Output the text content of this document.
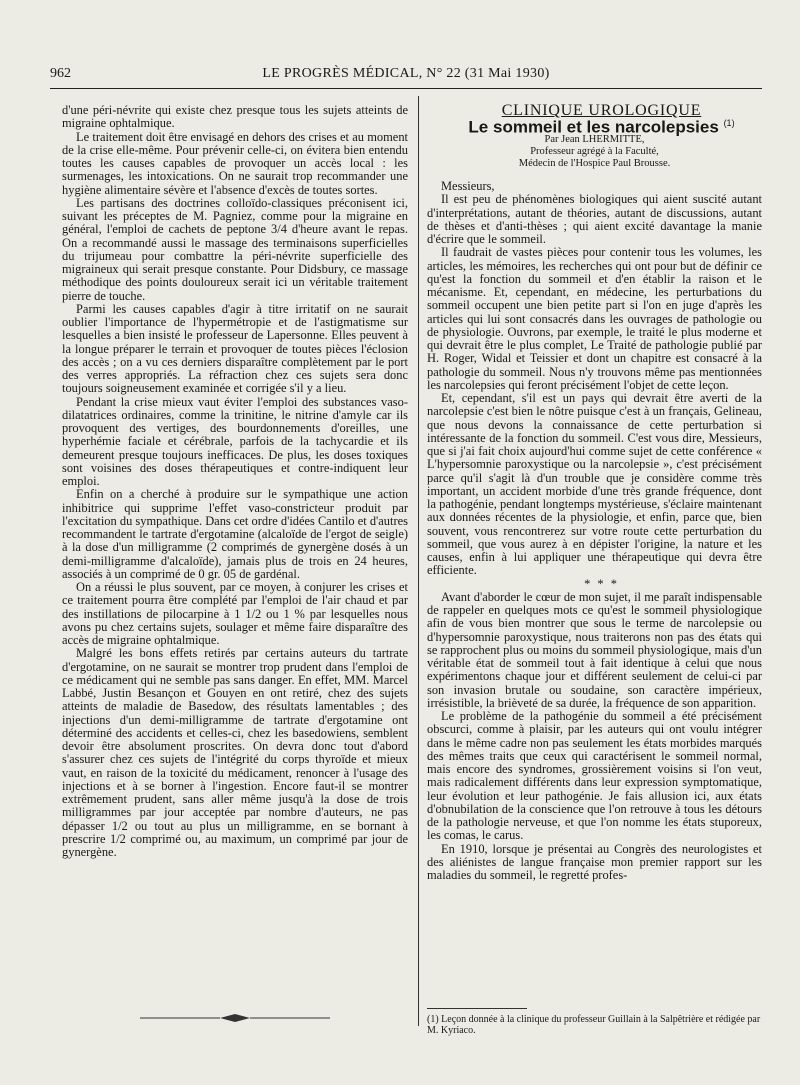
962	LE PROGRÈS MÉDICAL, N° 22 (31 Mai 1930)

d'une péri-névrite qui existe chez presque tous les sujets atteints de migraine ophtalmique.

Le traitement doit être envisagé en dehors des crises et au moment de la crise elle-même. Pour prévenir celle-ci, on évitera bien entendu toutes les causes capables de provoquer un accès local : les surmenages, les intoxications. On ne saurait trop recommander une hygiène alimentaire sévère et l'absence d'excès de toutes sortes.

Les partisans des doctrines colloïdo-classiques préconisent ici, suivant les préceptes de M. Pagniez, comme pour la migraine en général, l'emploi de cachets de peptone 3/4 d'heure avant le repas. On a recommandé aussi le massage des terminaisons superficielles du trijumeau pour combattre la péri-névrite superficielle des migraineux qui serait presque constante. Pour Didsbury, ce massage méthodique des points douloureux serait ici un véritable traitement pierre de touche.

Parmi les causes capables d'agir à titre irritatif on ne saurait oublier l'importance de l'hypermétropie et de l'astigmatisme sur lesquelles a bien insisté le professeur de Lapersonne. Elles peuvent à la longue préparer le terrain et provoquer de toutes pièces l'éclosion des accès ; on a vu ces derniers disparaître complètement par le port des verres appropriés. La réfraction chez ces sujets sera donc toujours soigneusement examinée et corrigée s'il y a lieu.

Pendant la crise mieux vaut éviter l'emploi des substances vaso-dilatatrices ordinaires, comme la trinitine, le nitrine d'amyle car ils provoquent des vertiges, des bourdonnements d'oreilles, une hyperhémie faciale et cérébrale, parfois de la tachycardie et ils demeurent presque toujours inefficaces. De plus, les doses toxiques sont voisines des doses thérapeutiques et contre-indiquent leur emploi.

Enfin on a cherché à produire sur le sympathique une action inhibitrice qui supprime l'effet vaso-constricteur produit par l'excitation du sympathique. Dans cet ordre d'idées Cantilo et d'autres recommandent le tartrate d'ergotamine (alcaloïde de l'ergot de seigle) à la dose d'un milligramme (2 comprimés de gynergène dosés à un demi-milligramme d'alcaloïde), jamais plus de trois en 24 heures, associés à un comprimé de 0 gr. 05 de gardénal.

On a réussi le plus souvent, par ce moyen, à conjurer les crises et ce traitement pourra être complété par l'emploi de l'air chaud et par des instillations de pilocarpine à 1 1/2 ou 1 % par lesquelles nous avons pu chez certains sujets, soulager et même faire disparaître des accès de migraine ophtalmique.

Malgré les bons effets retirés par certains auteurs du tartrate d'ergotamine, on ne saurait se montrer trop prudent dans l'emploi de ce médicament qui ne semble pas sans danger. En effet, MM. Marcel Labbé, Justin Besançon et Gouyen en ont retiré, chez des sujets atteints de maladie de Basedow, des résultats lamentables ; des injections d'un demi-milligramme de tartrate d'ergotamine ont déterminé des accidents et celles-ci, chez les basedowiens, semblent devoir être absolument proscrites. On devra donc tout d'abord s'assurer chez ces sujets de l'intégrité du corps thyroïde et mieux vaut, en raison de la toxicité du médicament, renoncer à l'usage des injections et à se borner à l'ingestion. Encore faut-il se montrer extrêmement prudent, sans aller même jusqu'à la dose de trois milligrammes par jour acceptée par nombre d'auteurs, ne pas dépasser 1/2 ou tout au plus un milligramme, en se bornant à prescrire 1/2 comprimé ou, au maximum, un comprimé par jour de gynergène.

CLINIQUE UROLOGIQUE

Le sommeil et les narcolepsies $^{(1)}$

Par Jean LHERMITTE,
Professeur agrégé à la Faculté,
Médecin de l'Hospice Paul Brousse.

Messieurs,

Il est peu de phénomènes biologiques qui aient suscité autant d'interprétations, autant de théories, autant de discussions, autant de thèses et d'anti-thèses ; qui aient excité davantage la manie d'écrire que le sommeil.

Il faudrait de vastes pièces pour contenir tous les volumes, les articles, les mémoires, les recherches qui ont pour but de définir ce qu'est la fonction du sommeil et d'en établir la raison et le mécanisme. Et, cependant, en médecine, les perturbations du sommeil occupent une bien petite part si l'on en juge d'après les articles qui lui sont consacrés dans les ouvrages de pathologie ou de physiologie. Ouvrons, par exemple, le traité le plus moderne et qui devrait être le plus complet, Le Traité de pathologie publié par H. Roger, Widal et Teissier et dont un chapitre est consacré à la pathologie du sommeil. Nous n'y trouvons même pas mentionnées les narcolepsies qui feront précisément l'objet de cette leçon.

Et, cependant, s'il est un pays qui devrait être averti de la narcolepsie c'est bien le nôtre puisque c'est à un français, Gelineau, que nous devons la connaissance de cette perturbation si intéressante de la fonction du sommeil. C'est vous dire, Messieurs, que si j'ai fait choix aujourd'hui comme sujet de cette conférence « L'hypersomnie paroxystique ou la narcolepsie », c'est précisément parce qu'il s'agit là d'un trouble que je considère comme très important, un accident morbide d'une très grande fréquence, dont la pathogénie, pendant longtemps mystérieuse, s'éclaire maintenant aux données récentes de la physiologie, et enfin, parce que, bien souvent, vous rencontrerez sur votre route cette perturbation du sommeil, que vous aurez à en dépister l'origine, la nature et les causes, enfin à lui appliquer une thérapeutique qui devra être efficiente.

* * *

Avant d'aborder le cœur de mon sujet, il me paraît indispensable de rappeler en quelques mots ce qu'est le sommeil physiologique afin de vous bien montrer que sous le terme de narcolepsie ou d'hypersomnie paroxystique, nous traiterons non pas des états qui se rapprochent plus ou moins du sommeil physiologique, mais d'un véritable état de sommeil tout à fait identique à celui que nous expérimentons chaque jour et différent seulement de celui-ci par son invasion brutale ou soudaine, son caractère impérieux, irrésistible, la brièveté de sa durée, la fréquence de son apparition.

Le problème de la pathogénie du sommeil a été précisément obscurci, comme à plaisir, par les auteurs qui ont voulu intégrer dans le même cadre non pas seulement les états morbides marqués des mêmes traits que ceux qui caractérisent le sommeil normal, mais encore des syndromes, grossièrement voisins si l'on veut, mais radicalement différents dans leur expression symptomatique, leur évolution et leur pathogénie. Je fais allusion ici, aux états d'obnubilation de la conscience que l'on retrouve à tous les détours de la pathologie nerveuse, et que l'on nomme les états stuporeux, les comas, le carus.

En 1910, lorsque je présentai au Congrès des neurologistes et des aliénistes de langue française mon premier rapport sur les maladies du sommeil, le regretté profes-

(1) Leçon donnée à la clinique du professeur Guillain à la Salpêtrière et rédigée par M. Kyriaco.
